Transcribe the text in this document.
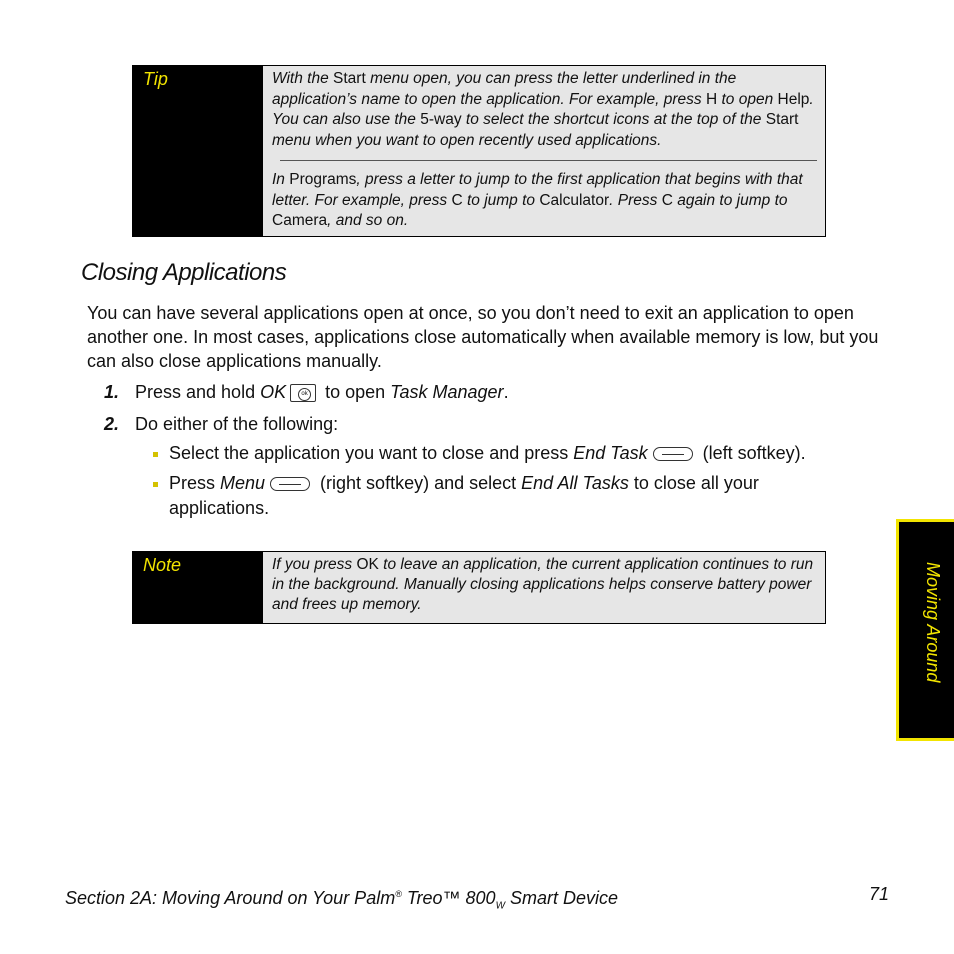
Tip	With the Start menu open, you can press the letter underlined in the application’s name to open the application. For example, press H to open Help. You can also use the 5-way to select the shortcut icons at the top of the Start menu when you want to open recently used applications.

In Programs, press a letter to jump to the first application that begins with that letter. For example, press C to jump to Calculator. Press C again to jump to Camera, and so on.

Closing Applications

You can have several applications open at once, so you don’t need to exit an application to open another one. In most cases, applications close automatically when available memory is low, but you can also close applications manually.

1. Press and hold OK	ok to open Task Manager.
2. Do either of the following:
Select the application you want to close and press End Task	(left softkey).
Press Menu	(right softkey) and select End All Tasks to close all your applications.
Note	If you press OK to leave an application, the current application continues to run in the background. Manually closing applications helps conserve battery power and frees up memory.	Moving Around
Section 2A: Moving Around on Your Palm® Treo™ $800_W$ Smart Device	71
